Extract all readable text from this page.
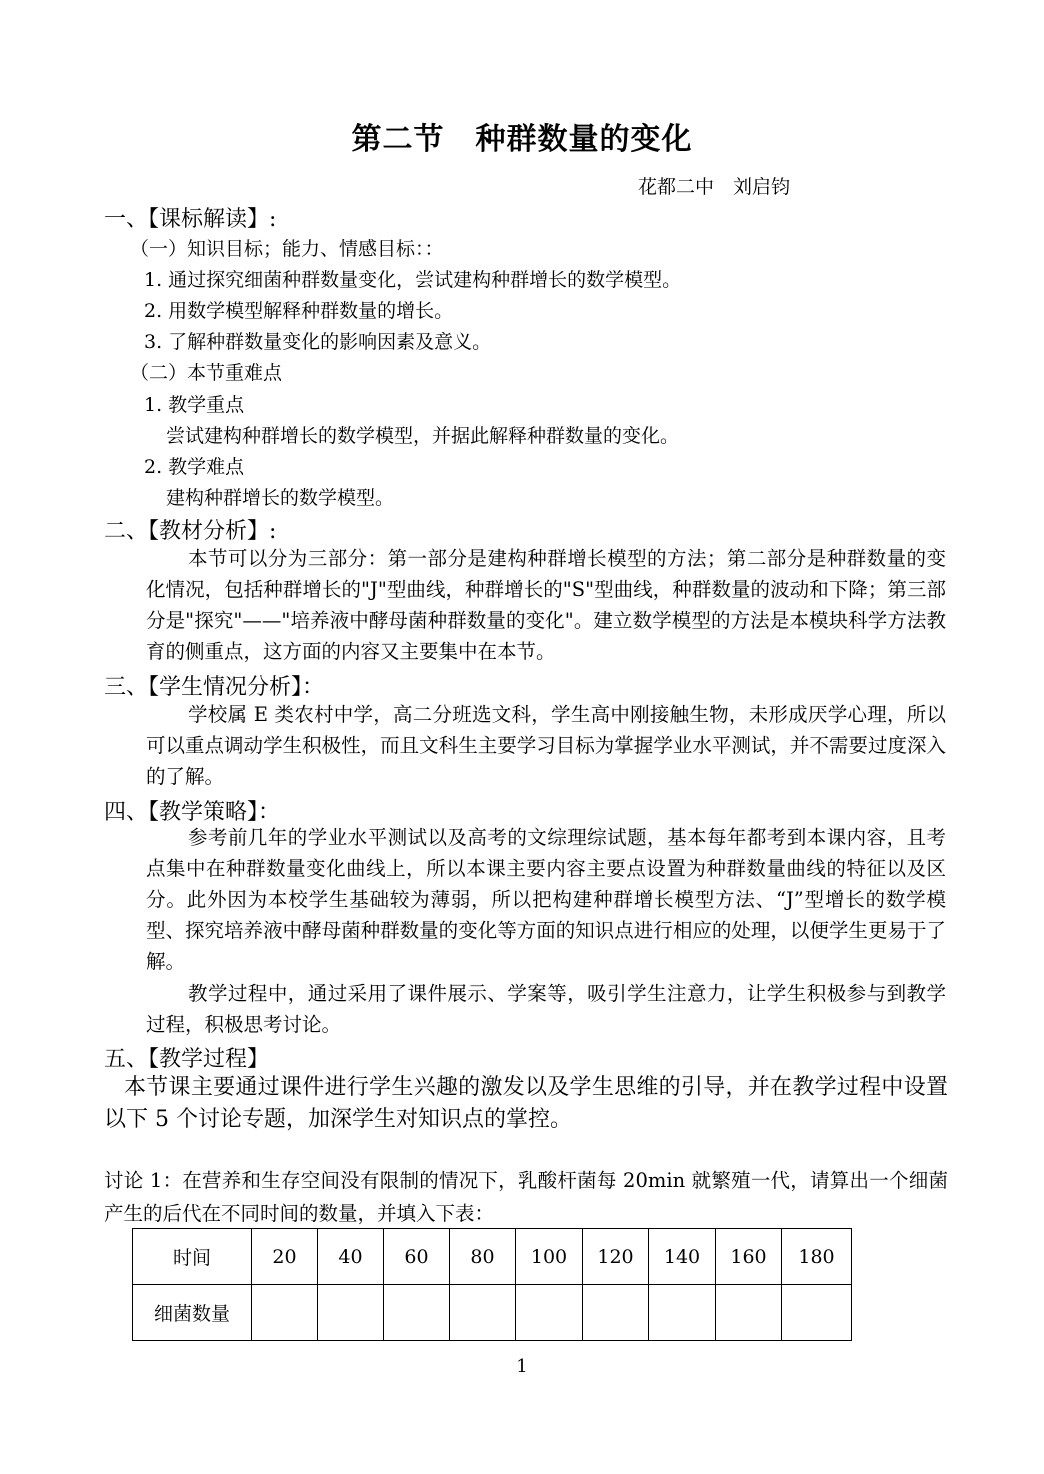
第二节　种群数量的变化
花都二中　刘启钧
一、【课标解读】:
（一）知识目标；能力、情感目标：：
1. 通过探究细菌种群数量变化，尝试建构种群增长的数学模型。
2. 用数学模型解释种群数量的增长。
3. 了解种群数量变化的影响因素及意义。
（二）本节重难点
1. 教学重点
尝试建构种群增长的数学模型，并据此解释种群数量的变化。
2. 教学难点
建构种群增长的数学模型。
二、【教材分析】:
本节可以分为三部分：第一部分是建构种群增长模型的方法；第二部分是种群数量的变化情况，包括种群增长的"J"型曲线，种群增长的"S"型曲线，种群数量的波动和下降；第三部分是"探究"——"培养液中酵母菌种群数量的变化"。建立数学模型的方法是本模块科学方法教育的侧重点，这方面的内容又主要集中在本节。
三、【学生情况分析】：
学校属 E 类农村中学，高二分班选文科，学生高中刚接触生物，未形成厌学心理，所以可以重点调动学生积极性，而且文科生主要学习目标为掌握学业水平测试，并不需要过度深入的了解。
四、【教学策略】：
参考前几年的学业水平测试以及高考的文综理综试题，基本每年都考到本课内容，且考点集中在种群数量变化曲线上，所以本课主要内容主要点设置为种群数量曲线的特征以及区分。此外因为本校学生基础较为薄弱，所以把构建种群增长模型方法、“J”型增长的数学模型、探究培养液中酵母菌种群数量的变化等方面的知识点进行相应的处理，以便学生更易于了解。
教学过程中，通过采用了课件展示、学案等，吸引学生注意力，让学生积极参与到教学过程，积极思考讨论。
五、【教学过程】
本节课主要通过课件进行学生兴趣的激发以及学生思维的引导，并在教学过程中设置以下 5 个讨论专题，加深学生对知识点的掌控。
讨论 1：在营养和生存空间没有限制的情况下，乳酸杆菌每 20min 就繁殖一代，请算出一个细菌产生的后代在不同时间的数量，并填入下表：
时间	20	40	60	80	100	120	140	160	180
细菌数量									
1
